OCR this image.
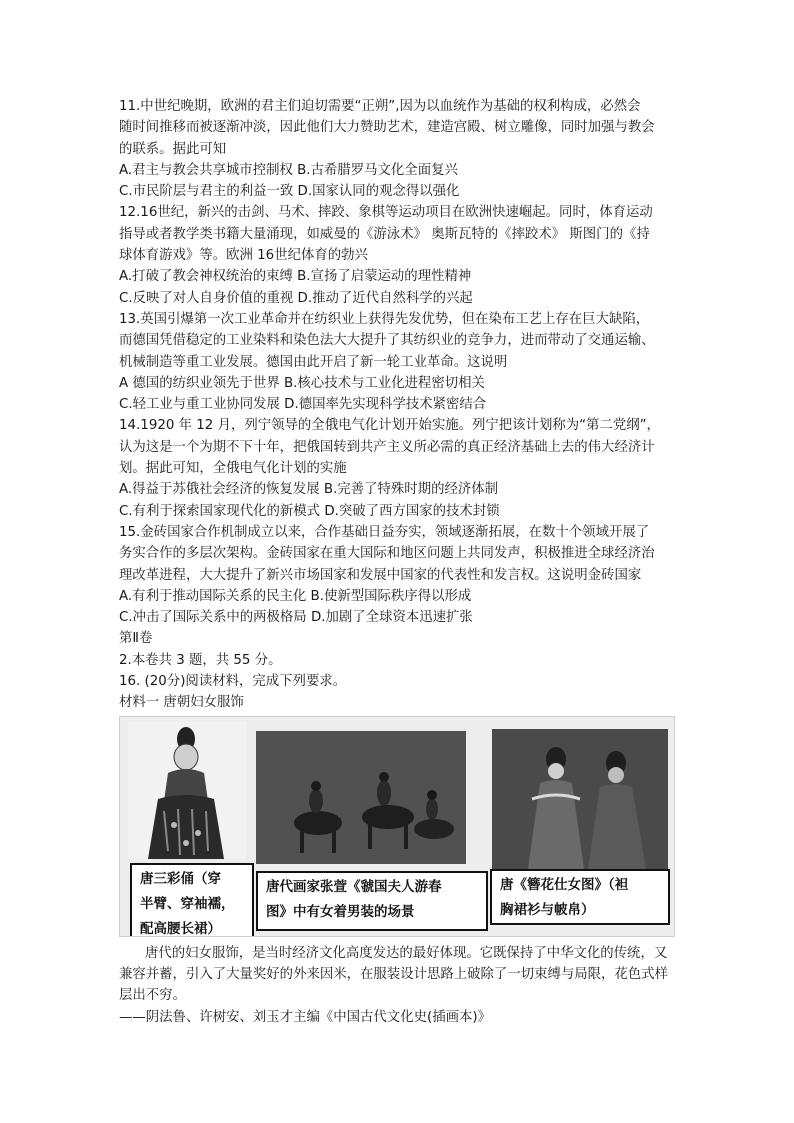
11.中世纪晚期，欧洲的君主们迫切需要“正朔”,因为以血统作为基础的权利构成，必然会
随时间推移而被逐渐冲淡，因此他们大力赞助艺术，建造宫殿、树立雕像，同时加强与教会
的联系。据此可知
A.君主与教会共享城市控制权 B.古希腊罗马文化全面复兴
C.市民阶层与君主的利益一致 D.国家认同的观念得以强化
12.16世纪，新兴的击剑、马术、摔跤、象棋等运动项目在欧洲快速崛起。同时，体育运动
指导或者教学类书籍大量涌现，如威曼的《游泳术》 奥斯瓦特的《摔跤术》 斯图门的《持
球体育游戏》等。欧洲 16世纪体育的勃兴
A.打破了教会神权统治的束缚 B.宣扬了启蒙运动的理性精神
C.反映了对人自身价值的重视 D.推动了近代自然科学的兴起
13.英国引爆第一次工业革命并在纺织业上获得先发优势，但在染布工艺上存在巨大缺陷，
而德国凭借稳定的工业染料和染色法大大提升了其纺织业的竞争力，进而带动了交通运输、
机械制造等重工业发展。德国由此开启了新一轮工业革命。这说明
A 德国的纺织业领先于世界 B.核心技术与工业化进程密切相关
C.轻工业与重工业协同发展 D.德国率先实现科学技术紧密结合
14.1920 年 12 月，列宁领导的全俄电气化计划开始实施。列宁把该计划称为“第二党纲”，
认为这是一个为期不下十年，把俄国转到共产主义所必需的真正经济基础上去的伟大经济计
划。据此可知，全俄电气化计划的实施
A.得益于苏俄社会经济的恢复发展 B.完善了特殊时期的经济体制
C.有利于探索国家现代化的新模式 D.突破了西方国家的技术封锁
15.金砖国家合作机制成立以来，合作基础日益夯实，领域逐渐拓展，在数十个领域开展了
务实合作的多层次架构。金砖国家在重大国际和地区问题上共同发声，积极推进全球经济治
理改革进程，大大提升了新兴市场国家和发展中国家的代表性和发言权。这说明金砖国家
A.有利于推动国际关系的民主化 B.使新型国际秩序得以形成
C.冲击了国际关系中的两极格局 D.加剧了全球资本迅速扩张
第Ⅱ卷
2.本卷共 3 题，共 55 分。
16. (20分)阅读材料，完成下列要求。
材料一 唐朝妇女服饰
唐三彩俑（穿
半臂、穿袖襦，
配高腰长裙）
唐代画家张萱《虢国夫人游春
图》中有女着男装的场景
唐《簪花仕女图》（袒
胸裙衫与帔帛）
唐代的妇女服饰，是当时经济文化高度发达的最好体现。它既保持了中华文化的传统，又兼容并蓄，引入了大量奖好的外来因米，在服装设计思路上破除了一切束缚与局限，花色式样层出不穷。
——阴法鲁、许树安、刘玉才主编《中国古代文化史(插画本)》
